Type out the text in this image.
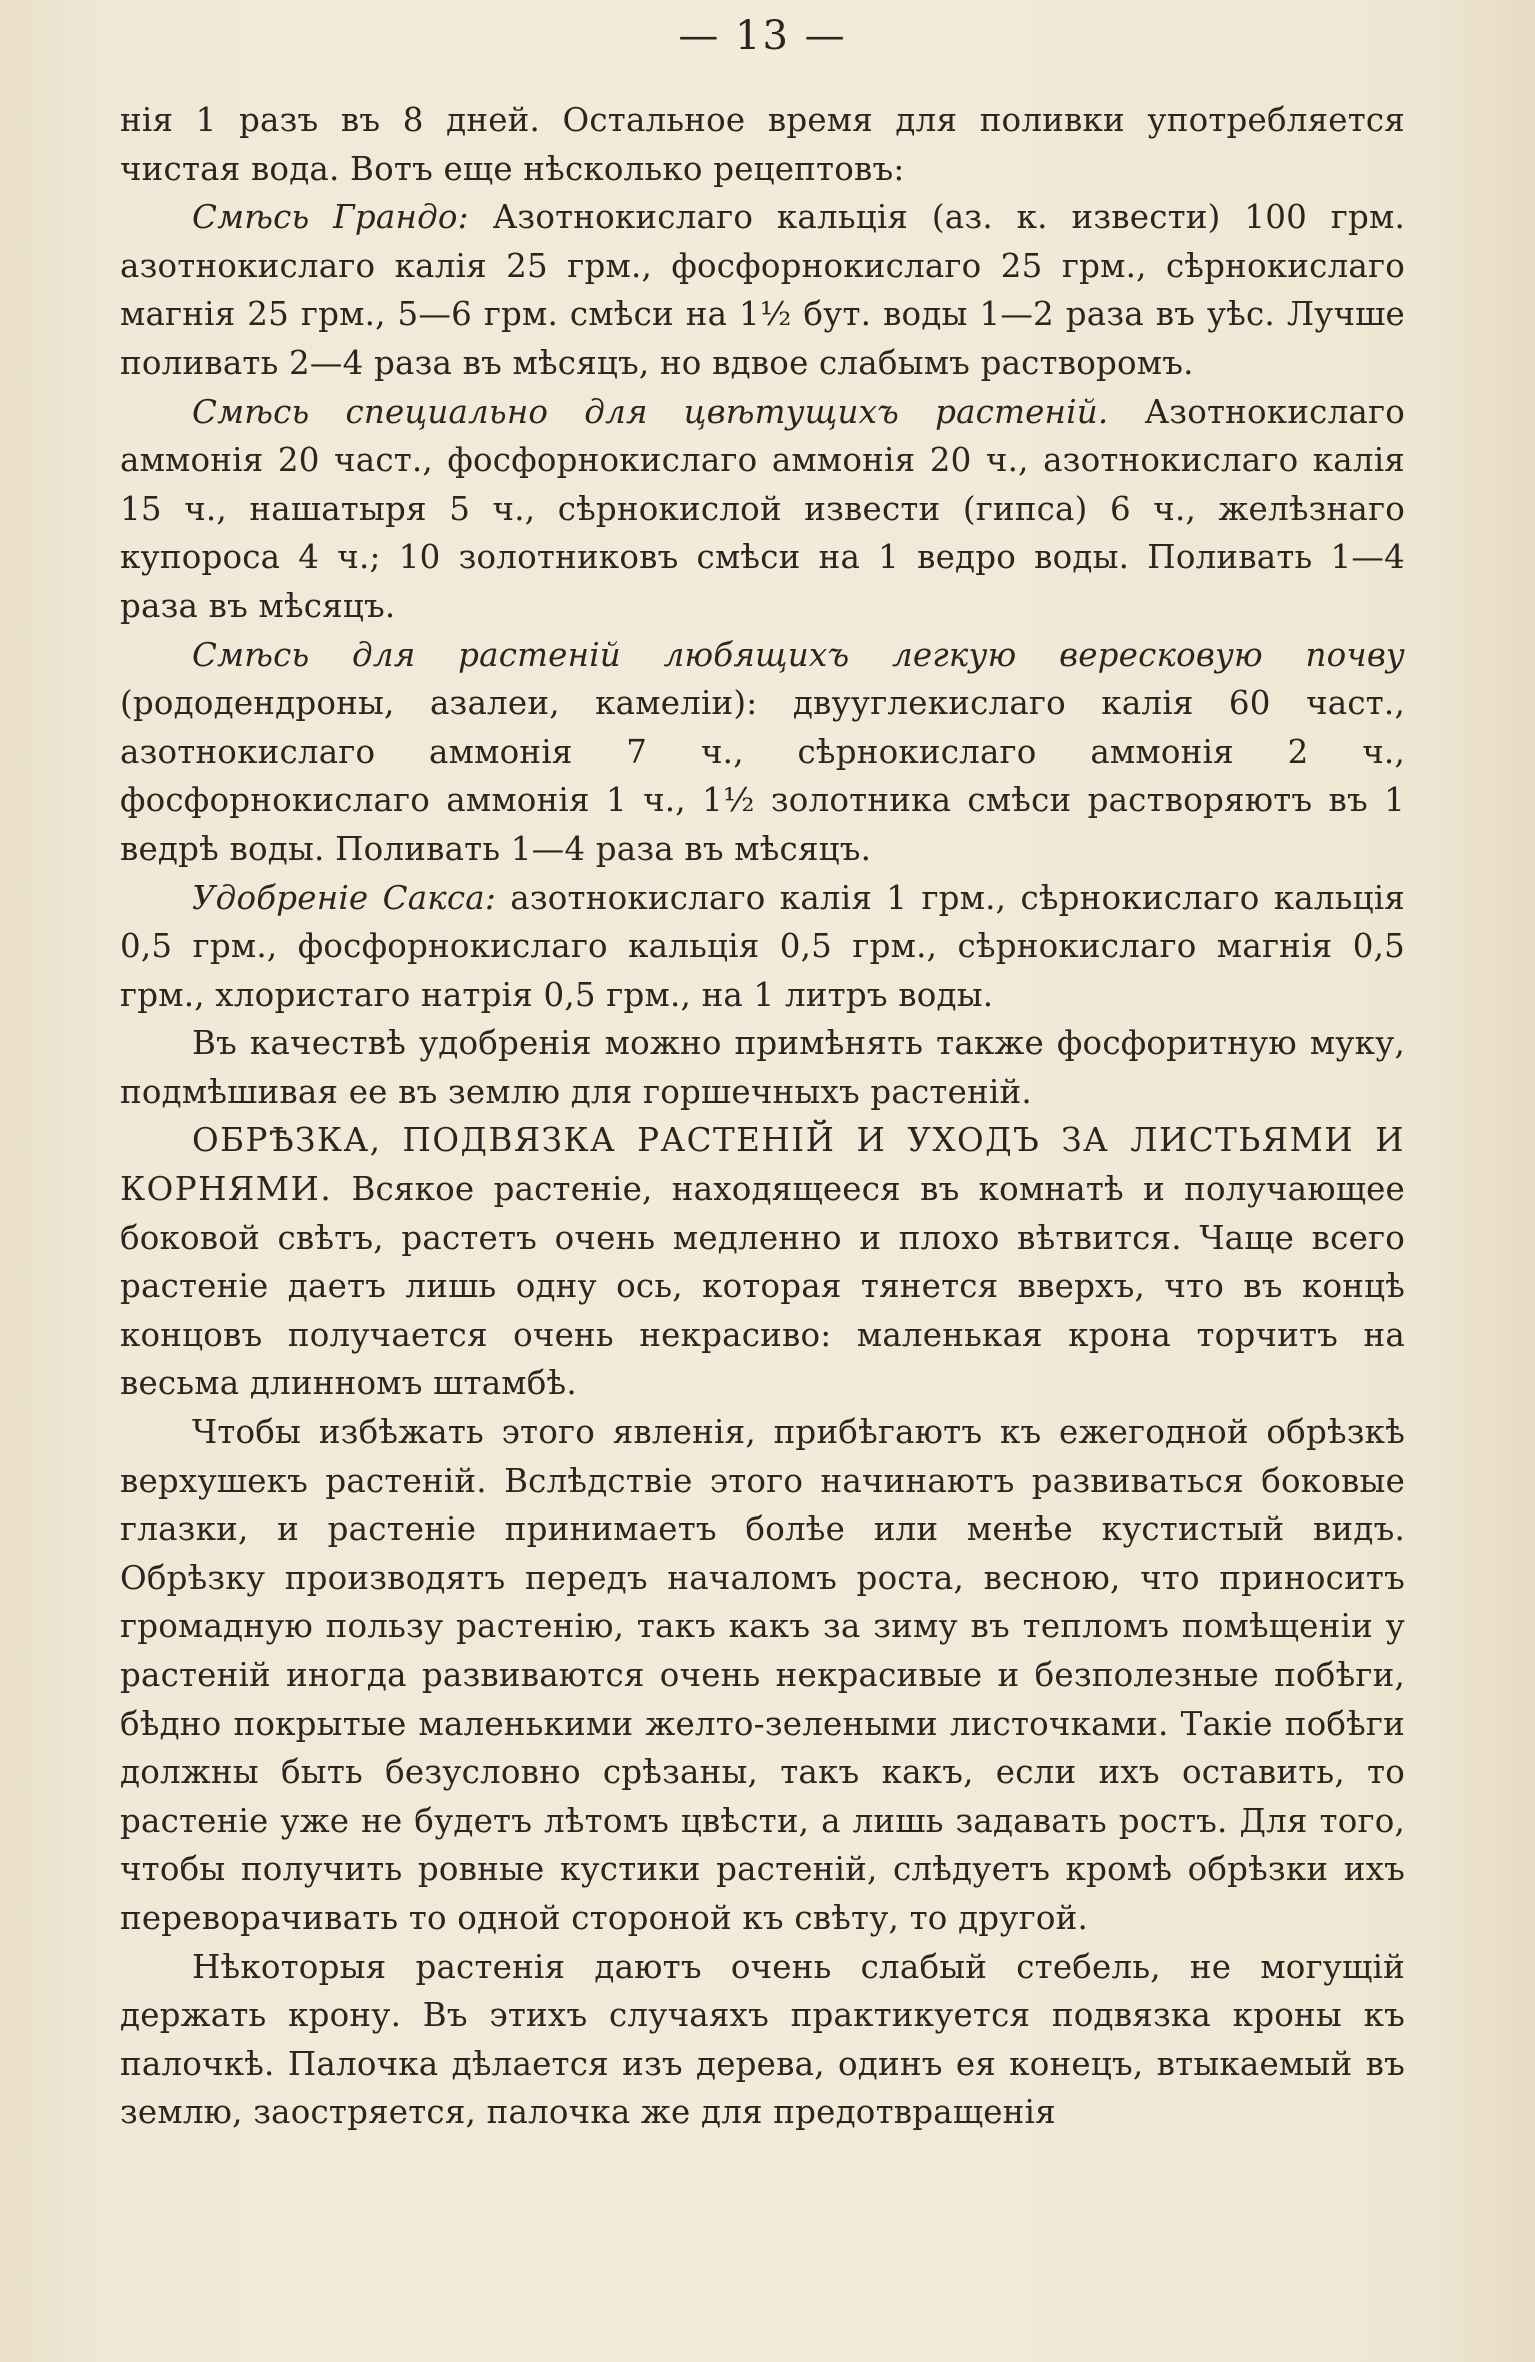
— 13 —

нія 1 разъ въ 8 дней. Остальное время для поливки употребляется чистая вода. Вотъ еще нѣсколько рецептовъ:

Смѣсь Грандо: Азотнокислаго кальція (аз. к. извести) 100 грм. азотнокислаго калія 25 грм., фосфорнокислаго 25 грм., сѣрнокислаго магнія 25 грм., 5—6 грм. смѣси на 1½ бут. воды 1—2 раза въ уѣс. Лучше поливать 2—4 раза въ мѣсяцъ, но вдвое слабымъ растворомъ.

Смѣсь специально для цвѣтущихъ растеній. Азотнокислаго аммонія 20 част., фосфорнокислаго аммонія 20 ч., азотнокислаго калія 15 ч., нашатыря 5 ч., сѣрнокислой извести (гипса) 6 ч., желѣзнаго купороса 4 ч.; 10 золотниковъ смѣси на 1 ведро воды. Поливать 1—4 раза въ мѣсяцъ.

Смѣсь для растеній любящихъ легкую вересковую почву (рододендроны, азалеи, камеліи): двууглекислаго калія 60 част., азотнокислаго аммонія 7 ч., сѣрнокислаго аммонія 2 ч., фосфорнокислаго аммонія 1 ч., 1½ золотника смѣси растворяютъ въ 1 ведрѣ воды. Поливать 1—4 раза въ мѣсяцъ.

Удобреніе Сакса: азотнокислаго калія 1 грм., сѣрнокислаго кальція 0,5 грм., фосфорнокислаго кальція 0,5 грм., сѣрнокислаго магнія 0,5 грм., хлористаго натрія 0,5 грм., на 1 литръ воды.

Въ качествѣ удобренія можно примѣнять также фосфоритную муку, подмѣшивая ее въ землю для горшечныхъ растеній.

ОБРѢЗКА, ПОДВЯЗКА РАСТЕНІЙ И УХОДЪ ЗА ЛИСТЬЯМИ И КОРНЯМИ. Всякое растеніе, находящееся въ комнатѣ и получающее боковой свѣтъ, растетъ очень медленно и плохо вѣтвится. Чаще всего растеніе даетъ лишь одну ось, которая тянется вверхъ, что въ концѣ концовъ получается очень некрасиво: маленькая крона торчитъ на весьма длинномъ штамбѣ.

Чтобы избѣжать этого явленія, прибѣгаютъ къ ежегодной обрѣзкѣ верхушекъ растеній. Вслѣдствіе этого начинаютъ развиваться боковые глазки, и растеніе принимаетъ болѣе или менѣе кустистый видъ. Обрѣзку производятъ передъ началомъ роста, весною, что приноситъ громадную пользу растенію, такъ какъ за зиму въ тепломъ помѣщеніи у растеній иногда развиваются очень некрасивые и безполезные побѣги, бѣдно покрытые маленькими желто-зелеными листочками. Такіе побѣги должны быть безусловно срѣзаны, такъ какъ, если ихъ оставить, то растеніе уже не будетъ лѣтомъ цвѣсти, а лишь задавать ростъ. Для того, чтобы получить ровные кустики растеній, слѣдуетъ кромѣ обрѣзки ихъ переворачивать то одной стороной къ свѣту, то другой.

Нѣкоторыя растенія даютъ очень слабый стебель, не могущій держать крону. Въ этихъ случаяхъ практикуется подвязка кроны къ палочкѣ. Палочка дѣлается изъ дерева, одинъ ея конецъ, втыкаемый въ землю, заостряется, палочка же для предотвращенія
